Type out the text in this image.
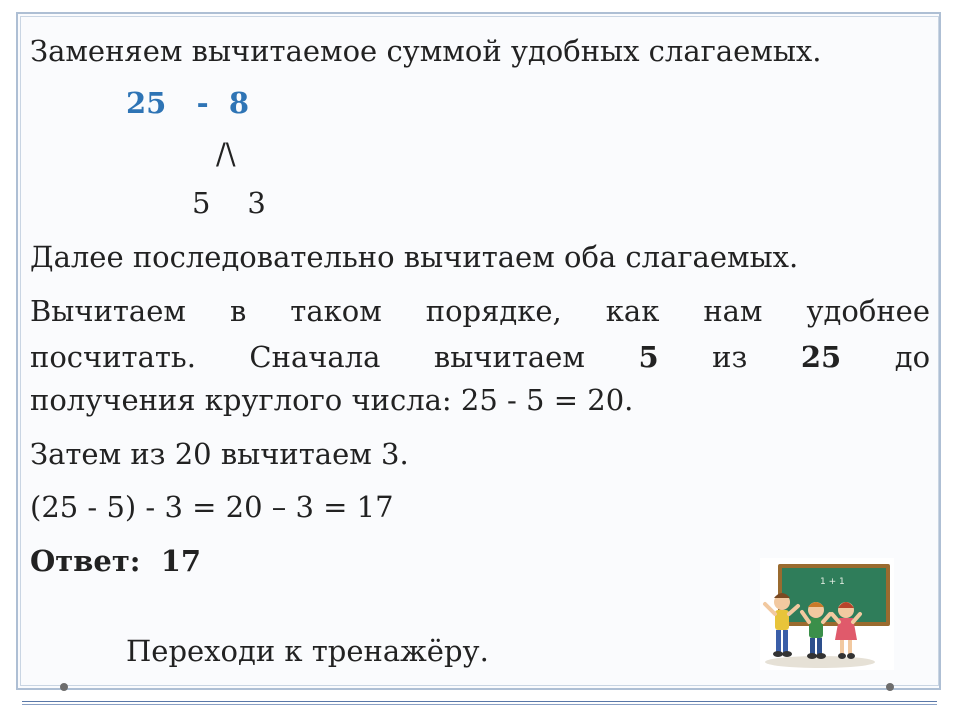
Заменяем вычитаемое суммой удобных слагаемых.
25 - 8
/\
5 3
Далее последовательно вычитаем оба слагаемых.
Вычитаем в таком порядке, как нам удобнее
посчитать. Сначала вычитаем 5 из 25 до
получения круглого числа: 25 - 5 = 20.
Затем из 20 вычитаем 3.
(25 - 5) - 3 = 20 – 3 = 17
Ответ: 17
Переходи к тренажёру.
1 + 1
